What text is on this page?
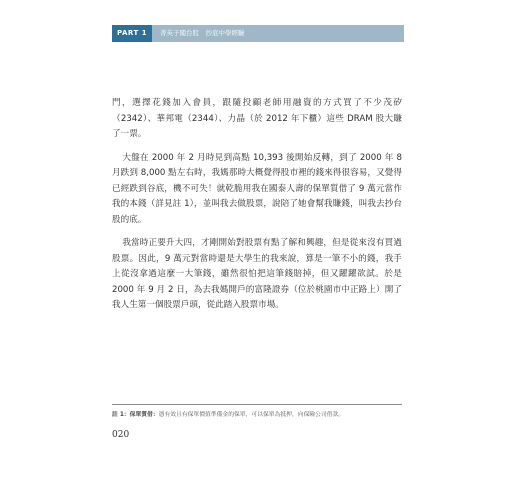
PART 1	菁英子闖台股　抄底中學經驗

門，選擇花錢加入會員，跟隨投顧老師用融資的方式買了不少茂矽（2342）、華邦電（2344）、力晶（於 2012 年下櫃）這些 DRAM 股大賺了一票。

大盤在 2000 年 2 月時見到高點 10,393 後開始反轉，到了 2000 年 8 月跌到 8,000 點左右時，我媽那時大概覺得股市裡的錢來得很容易，又覺得已經跌到谷底，機不可失！就乾脆用我在國泰人壽的保單質借了 9 萬元當作我的本錢（詳見註 1），並叫我去做股票，說陪了她會幫我賺錢，叫我去抄台股的底。

我當時正要升大四，才剛開始對股票有點了解和興趣，但是從來沒有買過股票。因此，9 萬元對當時還是大學生的我來說，算是一筆不小的錢，我手上從沒拿過這麼一大筆錢，雖然很怕把這筆錢賠掉，但又躍躍欲試。於是 2000 年 9 月 2 日，為去我媽開戶的富隆證券（位於桃園市中正路上）開了我人生第一個股票戶頭，從此踏入股票市場。

註 1：保單質借：憑有效且有保單價值準備金的保單，可以保單為抵押，向保險公司借款。
020
